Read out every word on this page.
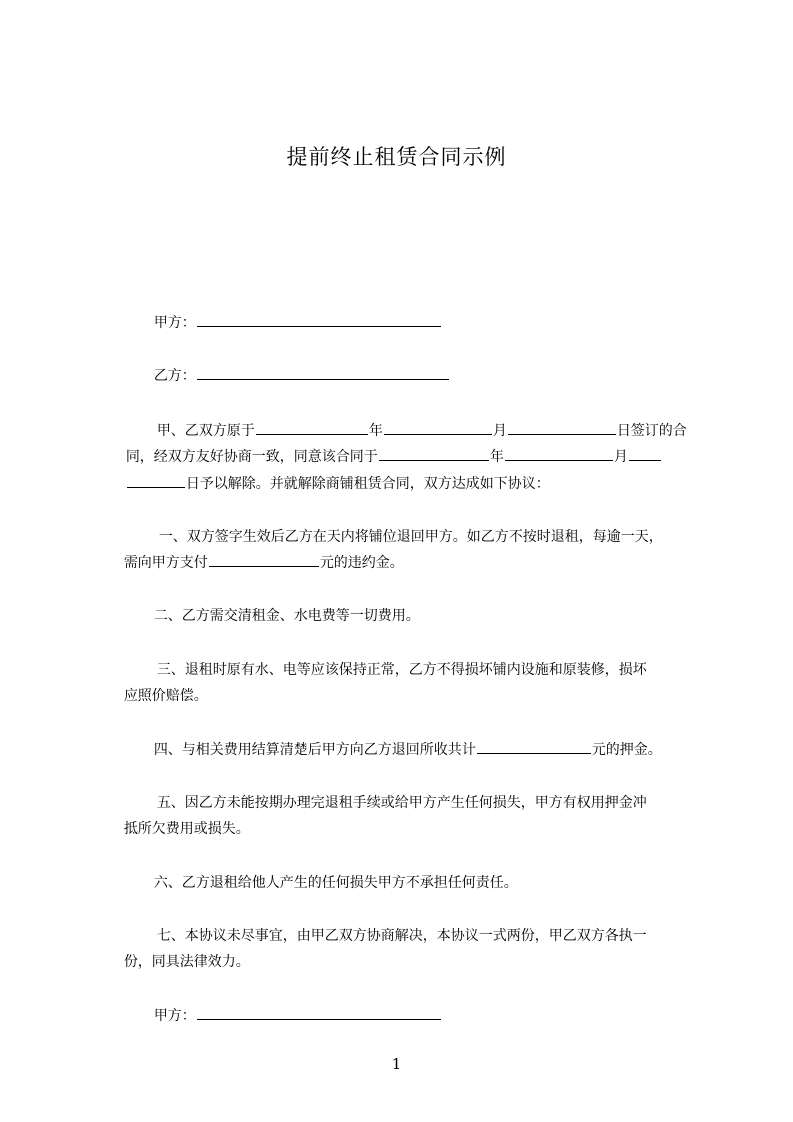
提前终止租赁合同示例

甲方：

乙方：

甲、乙双方原于	年	月	日签订的合

同，经双方友好协商一致，同意该合同于	年	月

日予以解除。并就解除商铺租赁合同，双方达成如下协议：

一、双方签字生效后乙方在天内将铺位退回甲方。如乙方不按时退租，每逾一天，

需向甲方支付	元的违约金。

二、乙方需交清租金、水电费等一切费用。

三、退租时原有水、电等应该保持正常，乙方不得损坏铺内设施和原装修，损坏

应照价赔偿。

四、与相关费用结算清楚后甲方向乙方退回所收共计	元的押金。

五、因乙方未能按期办理完退租手续或给甲方产生任何损失，甲方有权用押金冲

抵所欠费用或损失。

六、乙方退租给他人产生的任何损失甲方不承担任何责任。

七、本协议未尽事宜，由甲乙双方协商解决，本协议一式两份，甲乙双方各执一

份，同具法律效力。

甲方：

1
